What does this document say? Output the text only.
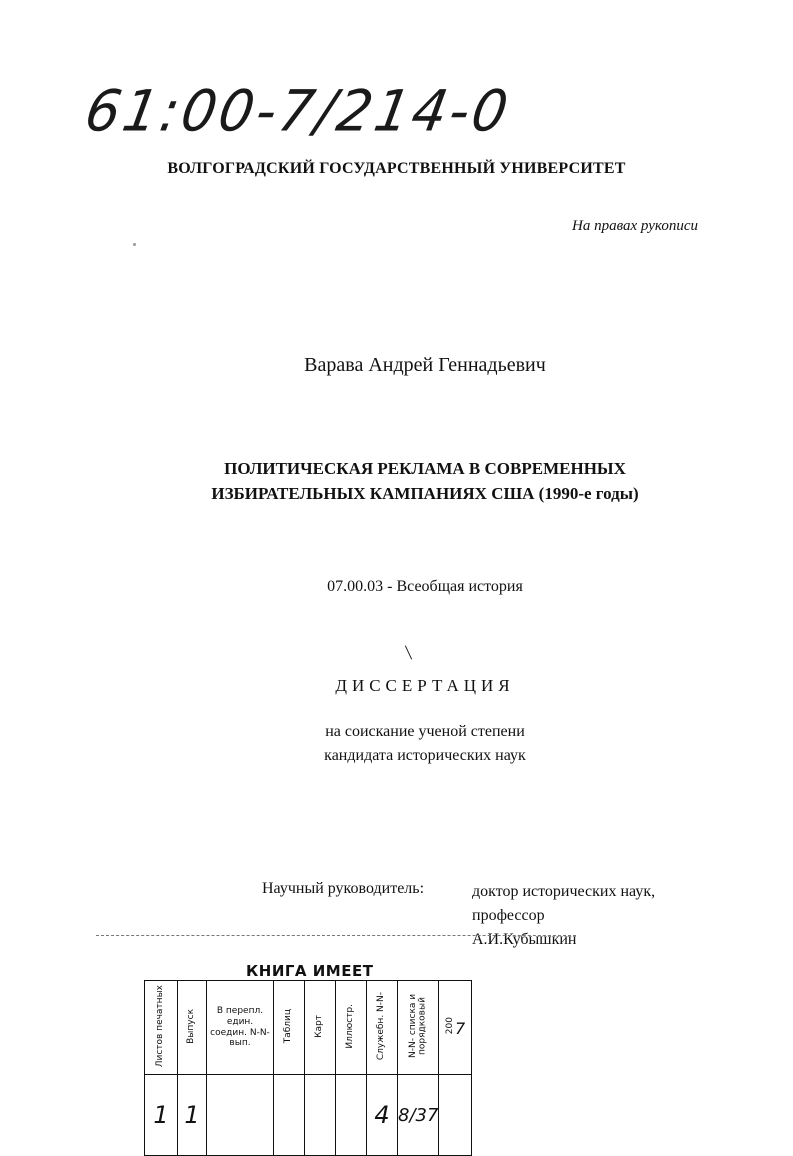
61:00-7/214-0
ВОЛГОГРАДСКИЙ ГОСУДАРСТВЕННЫЙ УНИВЕРСИТЕТ
На правах рукописи
Варава Андрей Геннадьевич
ПОЛИТИЧЕСКАЯ РЕКЛАМА В СОВРЕМЕННЫХ
ИЗБИРАТЕЛЬНЫХ КАМПАНИЯХ США (1990-е годы)
07.00.03 - Всеобщая история
ДИССЕРТАЦИЯ
на соискание ученой степени
кандидата исторических наук
Научный руководитель:	доктор исторических наук,
профессор
А.И.Кубышкин
КНИГА ИМЕЕТ
Листов печатных	Выпуск	В перепл. един. соедин. N-N- вып.	Таблиц	Карт	Иллюстр.	Служебн. N-N-	N-N- списка и порядковый	2007
1	1					4	8/37	
